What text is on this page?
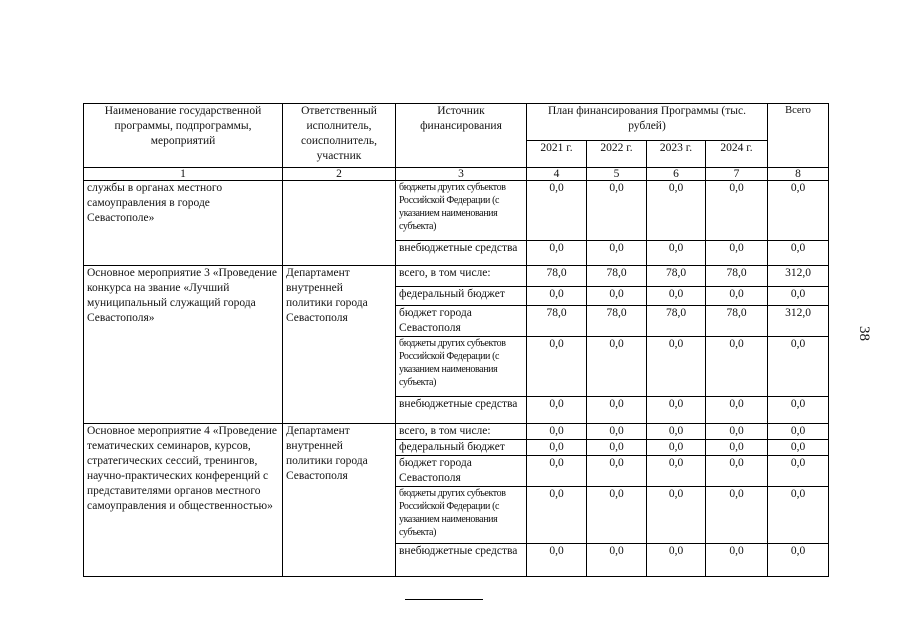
Наименование государственной программы, подпрограммы, мероприятий	Ответственный исполнитель, соисполнитель, участник	Источник финансирования	План финансирования Программы (тыс. рублей)				Всего
			2021 г.	2022 г.	2023 г.	2024 г.	
1	2	3	4	5	6	7	8
службы в органах местного самоуправления в городе Севастополе»		бюджеты других субъектов Российской Федерации (с указанием наименования субъекта)	0,0	0,0	0,0	0,0	0,0
		внебюджетные средства	0,0	0,0	0,0	0,0	0,0
Основное мероприятие 3 «Проведение конкурса на звание «Лучший муниципальный служащий города Севастополя»	Департамент внутренней политики города Севастополя	всего, в том числе:	78,0	78,0	78,0	78,0	312,0
		федеральный бюджет	0,0	0,0	0,0	0,0	0,0
		бюджет города Севастополя	78,0	78,0	78,0	78,0	312,0
		бюджеты других субъектов Российской Федерации (с указанием наименования субъекта)	0,0	0,0	0,0	0,0	0,0
		внебюджетные средства	0,0	0,0	0,0	0,0	0,0
Основное мероприятие 4 «Проведение тематических семинаров, курсов, стратегических сессий, тренингов, научно-практических конференций с представителями органов местного самоуправления и общественностью»	Департамент внутренней политики города Севастополя	всего, в том числе:	0,0	0,0	0,0	0,0	0,0
		федеральный бюджет	0,0	0,0	0,0	0,0	0,0
		бюджет города Севастополя	0,0	0,0	0,0	0,0	0,0
		бюджеты других субъектов Российской Федерации (с указанием наименования субъекта)	0,0	0,0	0,0	0,0	0,0
		внебюджетные средства	0,0	0,0	0,0	0,0	0,0
38
